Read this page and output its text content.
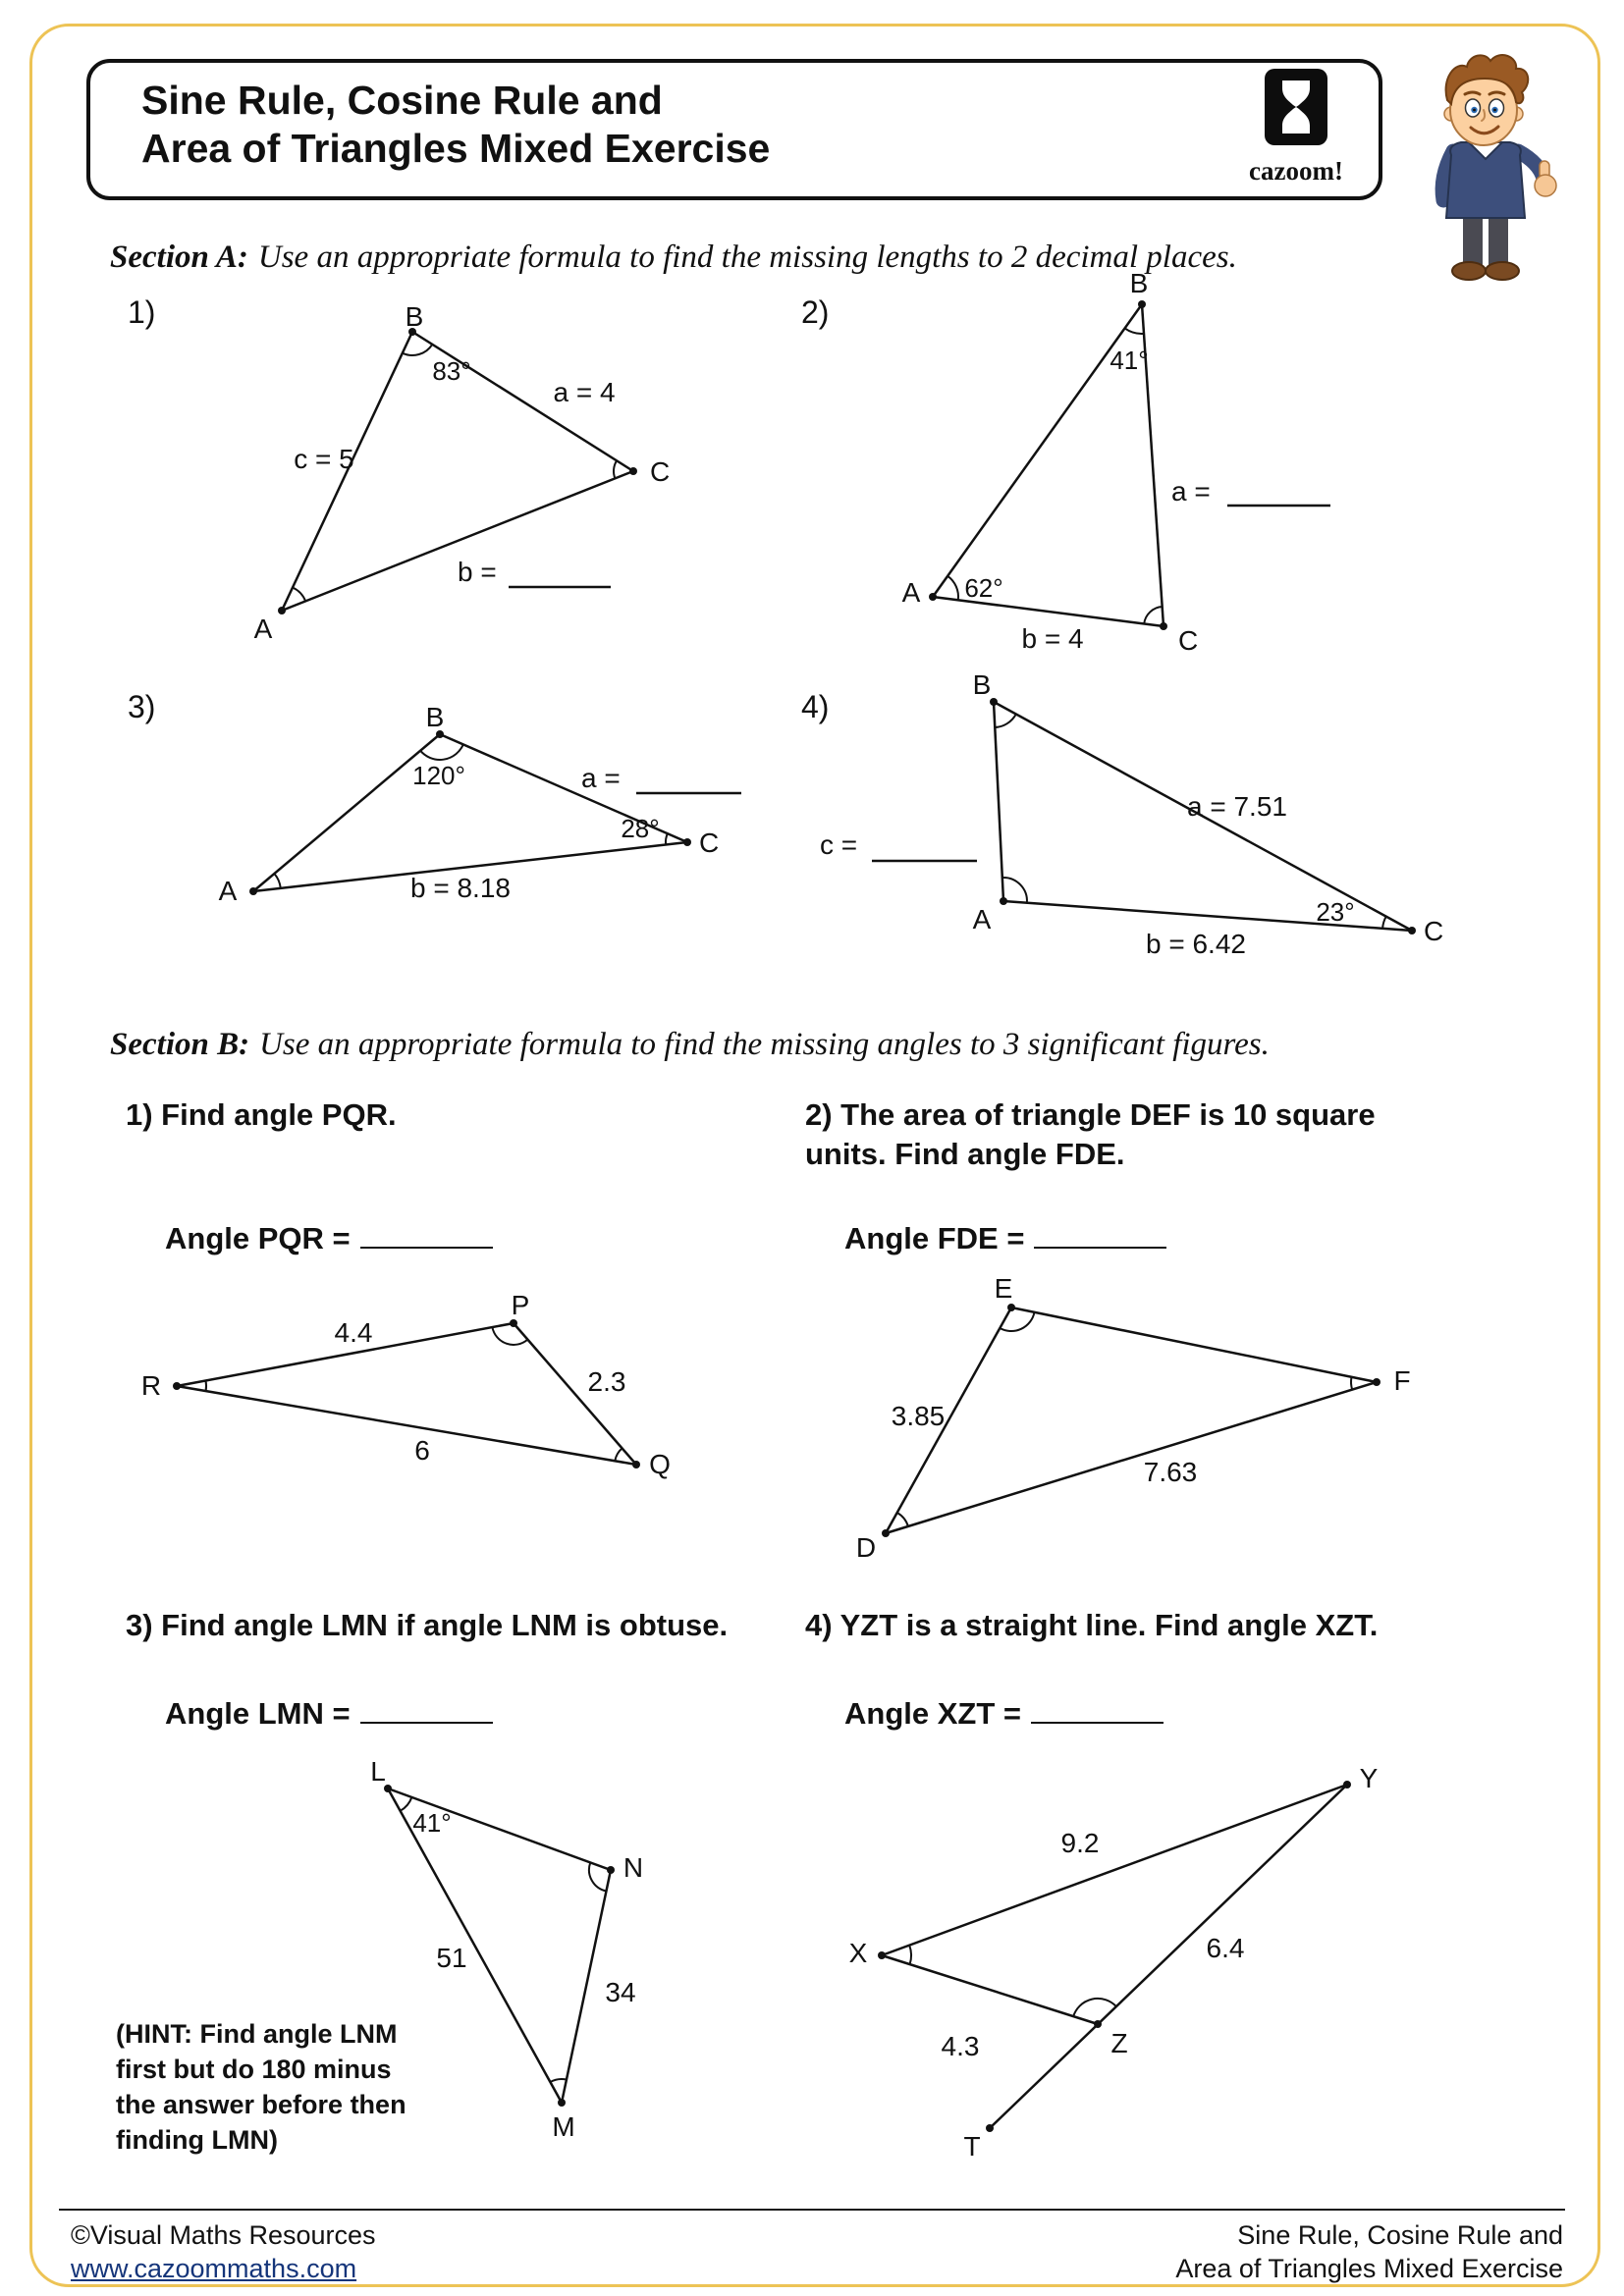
Sine Rule, Cosine Rule and
Area of Triangles Mixed Exercise	cazoom!
Section A: Use an appropriate formula to find the missing lengths to 2 decimal places.
1)	2)
3)	4)
B
83°
a = 4
c = 5	C
b =
A
B
41°
a =
62°
A
b = 4	C
B
120°	a =
28° C
b = 8.18
A
B
a = 7.51
c =
23°
C
b = 6.42
A
Section B: Use an appropriate formula to find the missing angles to 3 significant figures.
1) Find angle PQR.	2) The area of triangle DEF is 10 square
units. Find angle FDE.
3) Find angle LMN if angle LNM is obtuse.	4) YZT is a straight line. Find angle XZT.
Angle PQR =	Angle FDE =
Angle LMN =	Angle XZT =
R
P
Q
4.4
2.3
6
E
F
D
3.85
7.63
L
41°
N
51
34
M
(HINT: Find angle LNM
first but do 180 minus
the answer before then
finding LMN)
Y
X
Z
T
9.2
6.4
4.3
©Visual Maths Resources
www.cazoommaths.com
Sine Rule, Cosine Rule and
Area of Triangles Mixed Exercise
